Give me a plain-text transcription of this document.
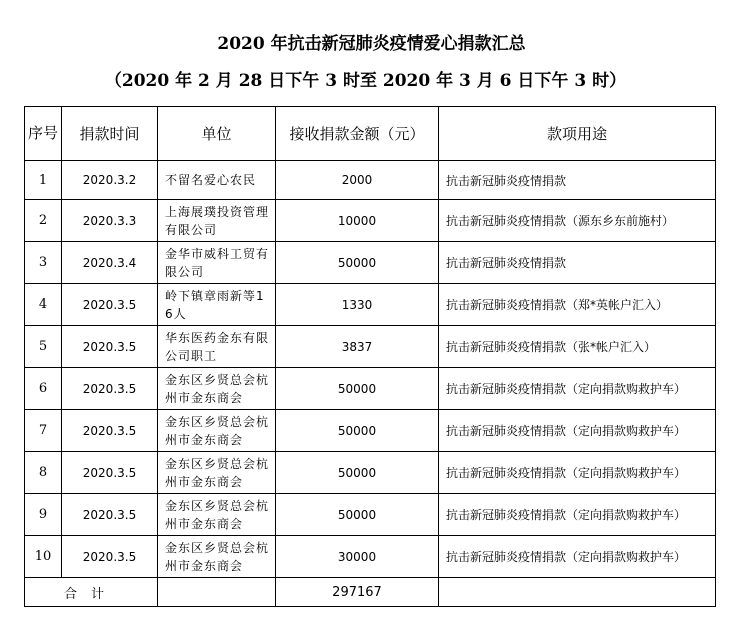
2020 年抗击新冠肺炎疫情爱心捐款汇总
（2020 年 2 月 28 日下午 3 时至 2020 年 3 月 6 日下午 3 时）
序号	捐款时间	单位	接收捐款金额（元）	款项用途
1	2020.3.2	不留名爱心农民	2000	抗击新冠肺炎疫情捐款
2	2020.3.3	上海展璞投资管理有限公司	10000	抗击新冠肺炎疫情捐款（源东乡东前施村）
3	2020.3.4	金华市威科工贸有限公司	50000	抗击新冠肺炎疫情捐款
4	2020.3.5	岭下镇章雨新等16人	1330	抗击新冠肺炎疫情捐款（郑*英帐户汇入）
5	2020.3.5	华东医药金东有限公司职工	3837	抗击新冠肺炎疫情捐款（张*帐户汇入）
6	2020.3.5	金东区乡贤总会杭州市金东商会	50000	抗击新冠肺炎疫情捐款（定向捐款购救护车）
7	2020.3.5	金东区乡贤总会杭州市金东商会	50000	抗击新冠肺炎疫情捐款（定向捐款购救护车）
8	2020.3.5	金东区乡贤总会杭州市金东商会	50000	抗击新冠肺炎疫情捐款（定向捐款购救护车）
9	2020.3.5	金东区乡贤总会杭州市金东商会	50000	抗击新冠肺炎疫情捐款（定向捐款购救护车）
10	2020.3.5	金东区乡贤总会杭州市金东商会	30000	抗击新冠肺炎疫情捐款（定向捐款购救护车）
合计			297167	
